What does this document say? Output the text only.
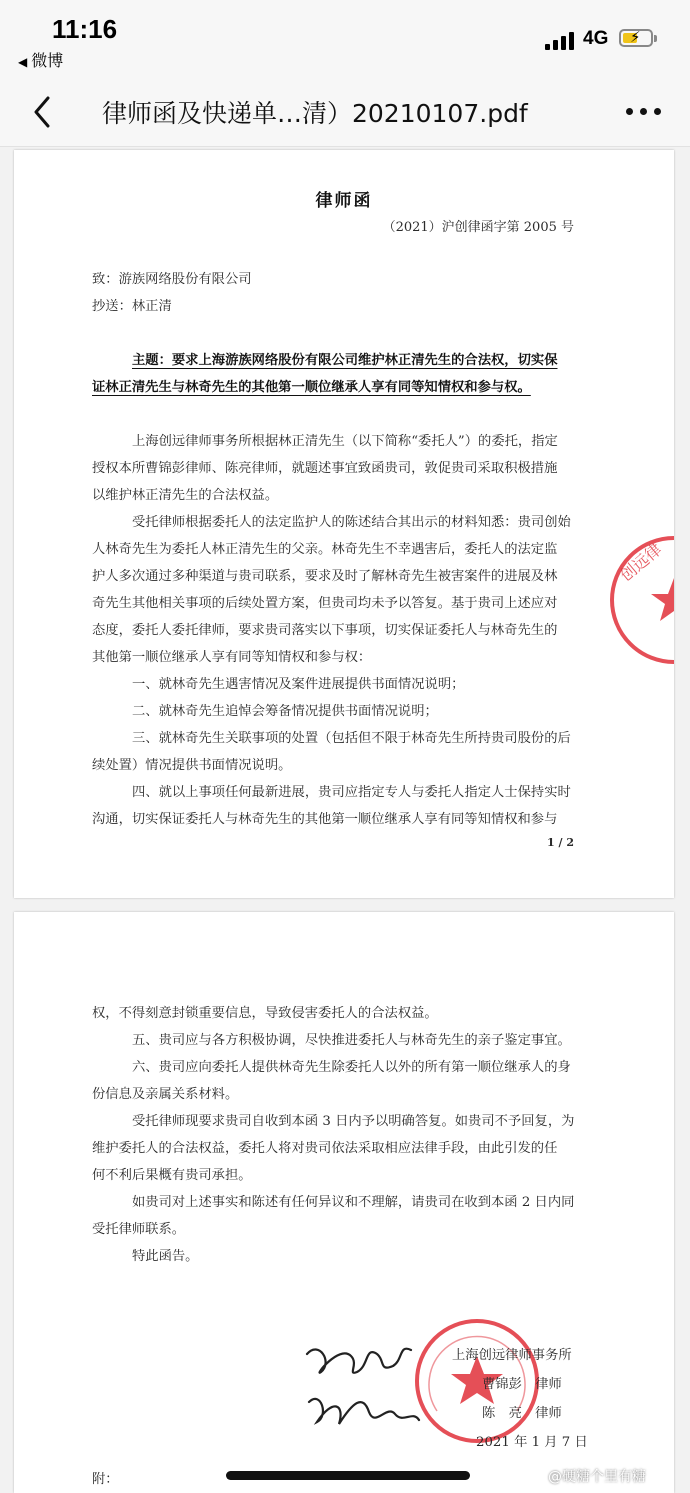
11:16
◀ 微博
4G ⚡
律师函及快递单…清）20210107.pdf
律师函
（2021）沪创律函字第 2005 号
致：游族网络股份有限公司
抄送：林正清
主题：要求上海游族网络股份有限公司维护林正清先生的合法权，切实保
证林正清先生与林奇先生的其他第一顺位继承人享有同等知情权和参与权。
上海创远律师事务所根据林正清先生（以下简称“委托人”）的委托，指定
授权本所曹锦彭律师、陈亮律师，就题述事宜致函贵司，敦促贵司采取积极措施
以维护林正清先生的合法权益。
受托律师根据委托人的法定监护人的陈述结合其出示的材料知悉：贵司创始
人林奇先生为委托人林正清先生的父亲。林奇先生不幸遇害后，委托人的法定监
护人多次通过多种渠道与贵司联系，要求及时了解林奇先生被害案件的进展及林
奇先生其他相关事项的后续处置方案，但贵司均未予以答复。基于贵司上述应对
态度，委托人委托律师，要求贵司落实以下事项，切实保证委托人与林奇先生的
其他第一顺位继承人享有同等知情权和参与权：
一、就林奇先生遇害情况及案件进展提供书面情况说明；
二、就林奇先生追悼会筹备情况提供书面情况说明；
三、就林奇先生关联事项的处置（包括但不限于林奇先生所持贵司股份的后
续处置）情况提供书面情况说明。
四、就以上事项任何最新进展，贵司应指定专人与委托人指定人士保持实时
沟通，切实保证委托人与林奇先生的其他第一顺位继承人享有同等知情权和参与
1 / 2
创远律
权，不得刻意封锁重要信息，导致侵害委托人的合法权益。
五、贵司应与各方积极协调，尽快推进委托人与林奇先生的亲子鉴定事宜。
六、贵司应向委托人提供林奇先生除委托人以外的所有第一顺位继承人的身
份信息及亲属关系材料。
受托律师现要求贵司自收到本函 3 日内予以明确答复。如贵司不予回复，为
维护委托人的合法权益，委托人将对贵司依法采取相应法律手段，由此引发的任
何不利后果概有贵司承担。
如贵司对上述事实和陈述有任何异议和不理解，请贵司在收到本函 2 日内同
受托律师联系。
特此函告。
上海创远律师事务所
曹锦彭　律师
陈　亮　律师
2021 年 1 月 7 日
附：	@硬糖个里有糖
